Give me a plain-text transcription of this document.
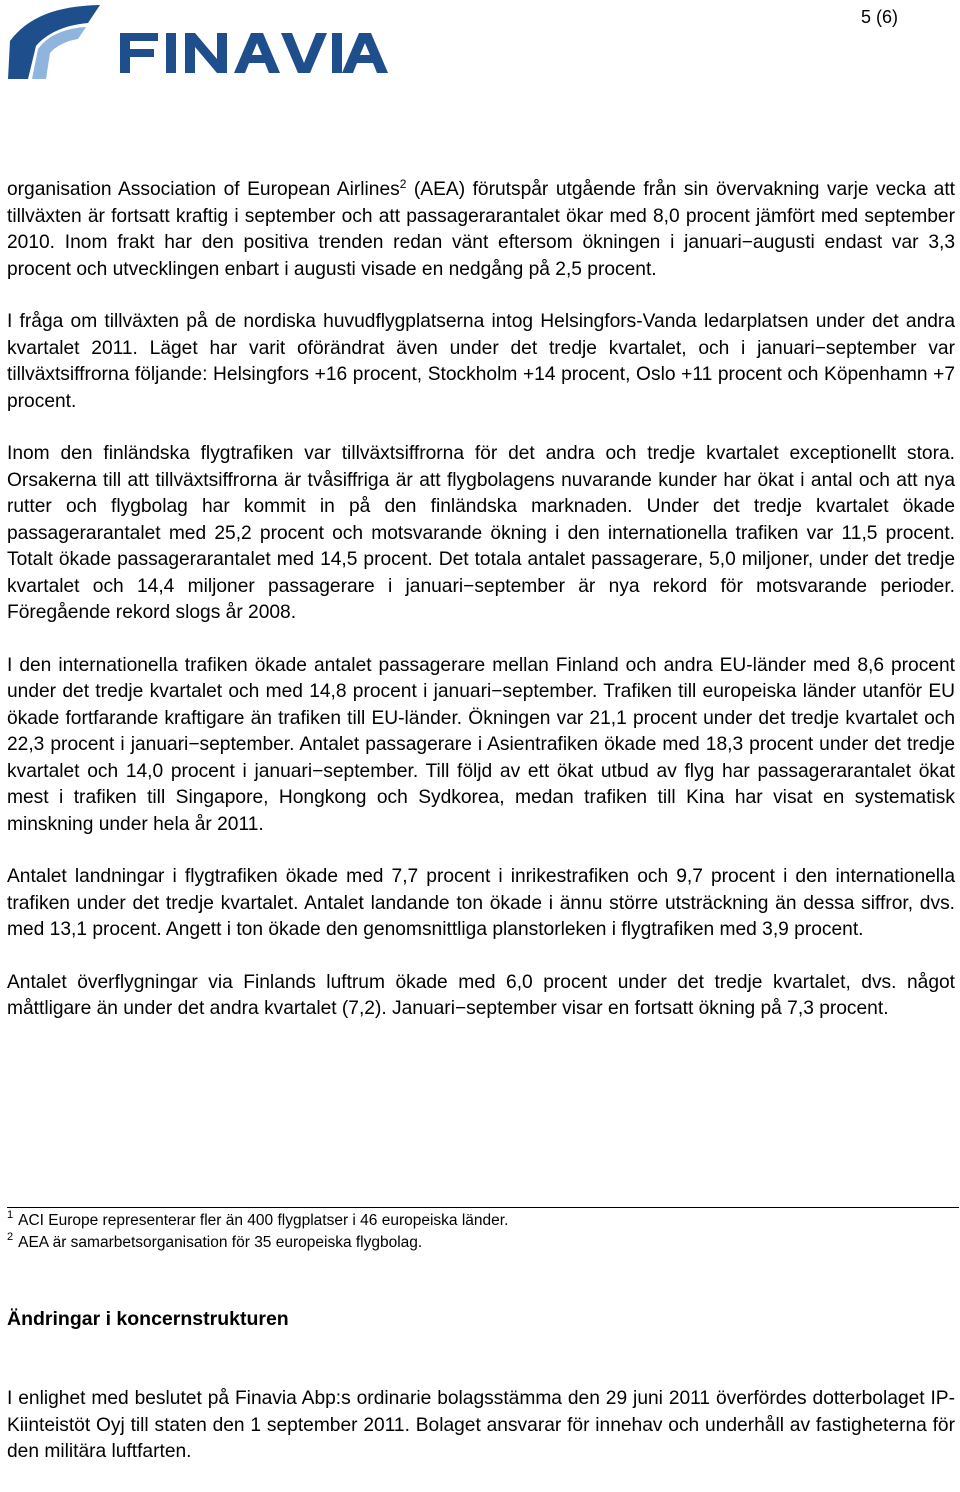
5 (6)

organisation Association of European Airlines$^2$ (AEA) förutspår utgående från sin övervakning varje vecka att tillväxten är fortsatt kraftig i september och att passagerarantalet ökar med 8,0 procent jämfört med september 2010. Inom frakt har den positiva trenden redan vänt eftersom ökningen i januari−augusti endast var 3,3 procent och utvecklingen enbart i augusti visade en nedgång på 2,5 procent.

I fråga om tillväxten på de nordiska huvudflygplatserna intog Helsingfors-Vanda ledarplatsen under det andra kvartalet 2011. Läget har varit oförändrat även under det tredje kvartalet, och i januari−september var tillväxtsiffrorna följande: Helsingfors +16 procent, Stockholm +14 procent, Oslo +11 procent och Köpenhamn +7 procent.

Inom den finländska flygtrafiken var tillväxtsiffrorna för det andra och tredje kvartalet exceptionellt stora. Orsakerna till att tillväxtsiffrorna är tvåsiffriga är att flygbolagens nuvarande kunder har ökat i antal och att nya rutter och flygbolag har kommit in på den finländska marknaden. Under det tredje kvartalet ökade passagerarantalet med 25,2 procent och motsvarande ökning i den internationella trafiken var 11,5 procent. Totalt ökade passagerarantalet med 14,5 procent. Det totala antalet passagerare, 5,0 miljoner, under det tredje kvartalet och 14,4 miljoner passagerare i januari−september är nya rekord för motsvarande perioder. Föregående rekord slogs år 2008.

I den internationella trafiken ökade antalet passagerare mellan Finland och andra EU-länder med 8,6 procent under det tredje kvartalet och med 14,8 procent i januari−september. Trafiken till europeiska länder utanför EU ökade fortfarande kraftigare än trafiken till EU-länder. Ökningen var 21,1 procent under det tredje kvartalet och 22,3 procent i januari−september. Antalet passagerare i Asientrafiken ökade med 18,3 procent under det tredje kvartalet och 14,0 procent i januari−september. Till följd av ett ökat utbud av flyg har passagerarantalet ökat mest i trafiken till Singapore, Hongkong och Sydkorea, medan trafiken till Kina har visat en systematisk minskning under hela år 2011.

Antalet landningar i flygtrafiken ökade med 7,7 procent i inrikestrafiken och 9,7 procent i den internationella trafiken under det tredje kvartalet. Antalet landande ton ökade i ännu större utsträckning än dessa siffror, dvs. med 13,1 procent. Angett i ton ökade den genomsnittliga planstorleken i flygtrafiken med 3,9 procent.

Antalet överflygningar via Finlands luftrum ökade med 6,0 procent under det tredje kvartalet, dvs. något måttligare än under det andra kvartalet (7,2). Januari−september visar en fortsatt ökning på 7,3 procent.

$^1$ ACI Europe representerar fler än 400 flygplatser i 46 europeiska länder.
$^2$ AEA är samarbetsorganisation för 35 europeiska flygbolag.
Ändringar i koncernstrukturen

I enlighet med beslutet på Finavia Abp:s ordinarie bolagsstämma den 29 juni 2011 överfördes dotterbolaget IP-Kiinteistöt Oyj till staten den 1 september 2011. Bolaget ansvarar för innehav och underhåll av fastigheterna för den militära luftfarten.
